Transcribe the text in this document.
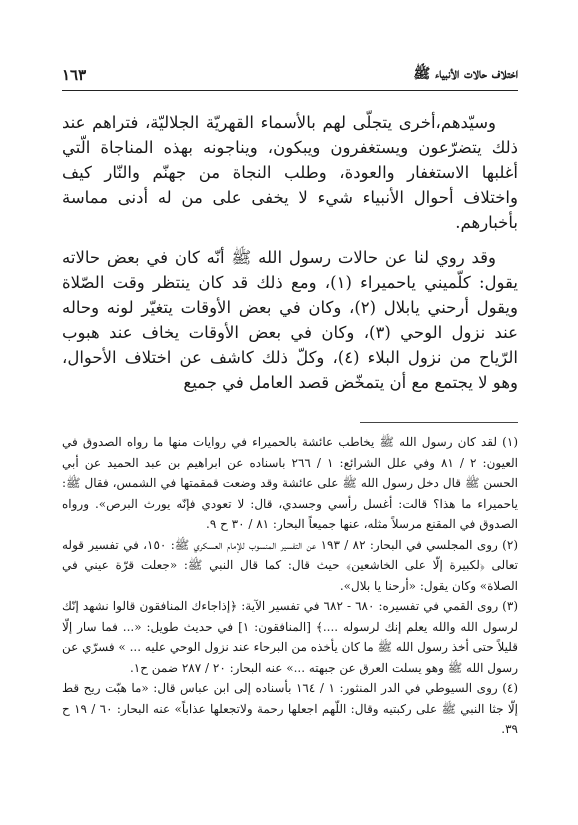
اختلاف حالات الأنبياء ﷺ
١٦٣

وسيّدهم،أخرى يتجلّى لهم بالأسماء القهريّة الجلاليّة، فتراهم عند ذلك يتضرّعون ويستغفرون ويبكون، ويناجونه بهذه المناجاة الّتي أغلبها الاستغفار والعودة، وطلب النجاة من جهنّم والنّار كيف واختلاف أحوال الأنبياء شيء لا يخفى على من له أدنى مماسة بأخبارهم.

وقد روي لنا عن حالات رسول الله ﷺ أنّه كان في بعض حالاته يقول: كلّميني ياحميراء (١)، ومع ذلك قد كان ينتظر وقت الصّلاة ويقول أرحني يابلال (٢)، وكان في بعض الأوقات يتغيّر لونه وحاله عند نزول الوحي (٣)، وكان في بعض الأوقات يخاف عند هبوب الرّياح من نزول البلاء (٤)، وكلّ ذلك كاشف عن اختلاف الأحوال، وهو لا يجتمع مع أن يتمخّض قصد العامل في جميع

(١) لقد كان رسول الله ﷺ يخاطب عائشة بالحميراء في روايات منها ما رواه الصدوق في العيون: ٢ / ٨١ وفي علل الشرائع: ١ / ٢٦٦ باسناده عن ابراهيم بن عبد الحميد عن أبي الحسن ﷺ قال دخل رسول الله ﷺ على عائشة وقد وضعت قمقمتها في الشمس، فقال ﷺ: ياحميراء ما هذا؟ قالت: أغسل رأسي وجسدي، قال: لا تعودي فإنّه يورث البرص». ورواه الصدوق في المقنع مرسلاً مثله، عنها جميعاً البحار: ٨١ / ٣٠ ح ٩.

(٢) روى المجلسي في البحار: ٨٢ / ١٩٣ عن التفسير المنسوب للإمام العسكري ﷺ: ١٥٠، في تفسير قوله تعالى ﴿لكبيرة إلّا على الخاشعين﴾ حيث قال: كما قال النبي ﷺ: «جعلت قرّة عيني في الصلاة» وكان يقول: «أرحنا يا بلال».

(٣) روى القمي في تفسيره: ٦٨٠ - ٦٨٢ في تفسير الآية: ﴿إذاجاءك المنافقون قالوا نشهد إنّك لرسول الله والله يعلم إنك لرسوله ....﴾ [المنافقون: ١] في حديث طويل: «... فما سار إلّا قليلاً حتى أخذ رسول الله ﷺ ما كان يأخذه من البرحاء عند نزول الوحي عليه ... » فسرّي عن رسول الله ﷺ وهو يسلت العرق عن جبهته ...» عنه البحار: ٢٠ / ٢٨٧ ضمن ح١.

(٤) روى السيوطي في الدر المنثور: ١ / ١٦٤ بأسناده إلى ابن عباس قال: «ما هبّت ريح قط إلّا جثا النبي ﷺ على ركبتيه وقال: اللّهم اجعلها رحمة ولاتجعلها عذاباً» عنه البحار: ٦٠ / ١٩ ح ٣٩.
